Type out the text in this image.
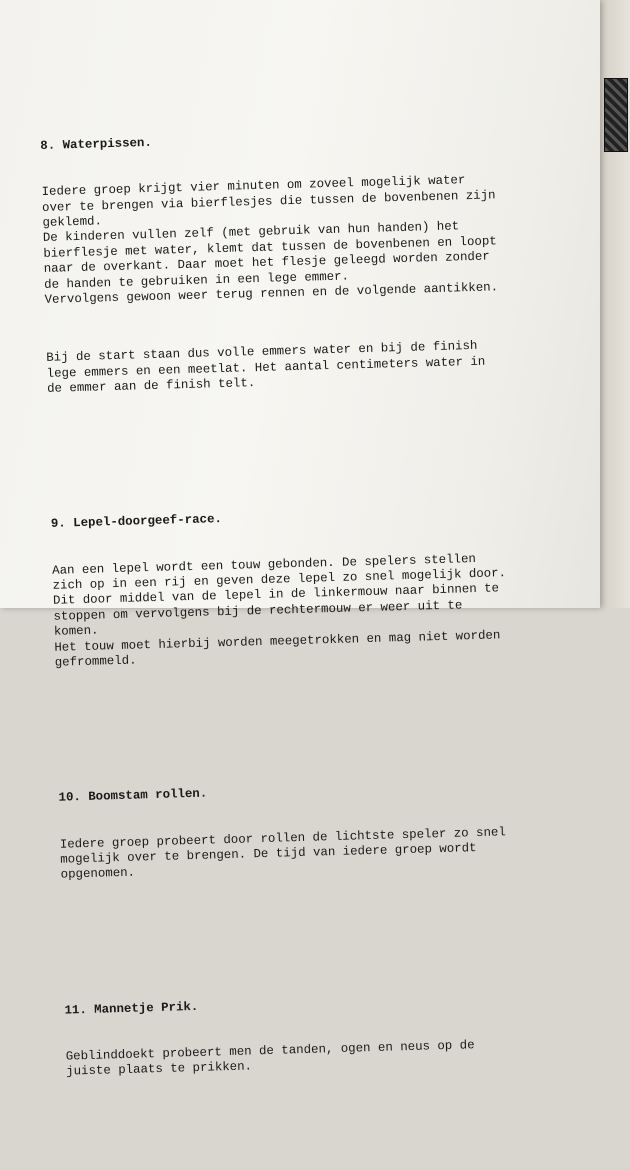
8. Waterpissen.

Iedere groep krijgt vier minuten om zoveel mogelijk water
over te brengen via bierflesjes die tussen de bovenbenen zijn
geklemd.
De kinderen vullen zelf (met gebruik van hun handen) het
bierflesje met water, klemt dat tussen de bovenbenen en loopt
naar de overkant. Daar moet het flesje geleegd worden zonder
de handen te gebruiken in een lege emmer.
Vervolgens gewoon weer terug rennen en de volgende aantikken.

Bij de start staan dus volle emmers water en bij de finish
lege emmers en een meetlat. Het aantal centimeters water in
de emmer aan de finish telt.

9. Lepel-doorgeef-race.

Aan een lepel wordt een touw gebonden. De spelers stellen
zich op in een rij en geven deze lepel zo snel mogelijk door.
Dit door middel van de lepel in de linkermouw naar binnen te
stoppen om vervolgens bij de rechtermouw er weer uit te
komen.
Het touw moet hierbij worden meegetrokken en mag niet worden
gefrommeld.

10. Boomstam rollen.

Iedere groep probeert door rollen de lichtste speler zo snel
mogelijk over te brengen. De tijd van iedere groep wordt
opgenomen.

11. Mannetje Prik.

Geblinddoekt probeert men de tanden, ogen en neus op de
juiste plaats te prikken.
